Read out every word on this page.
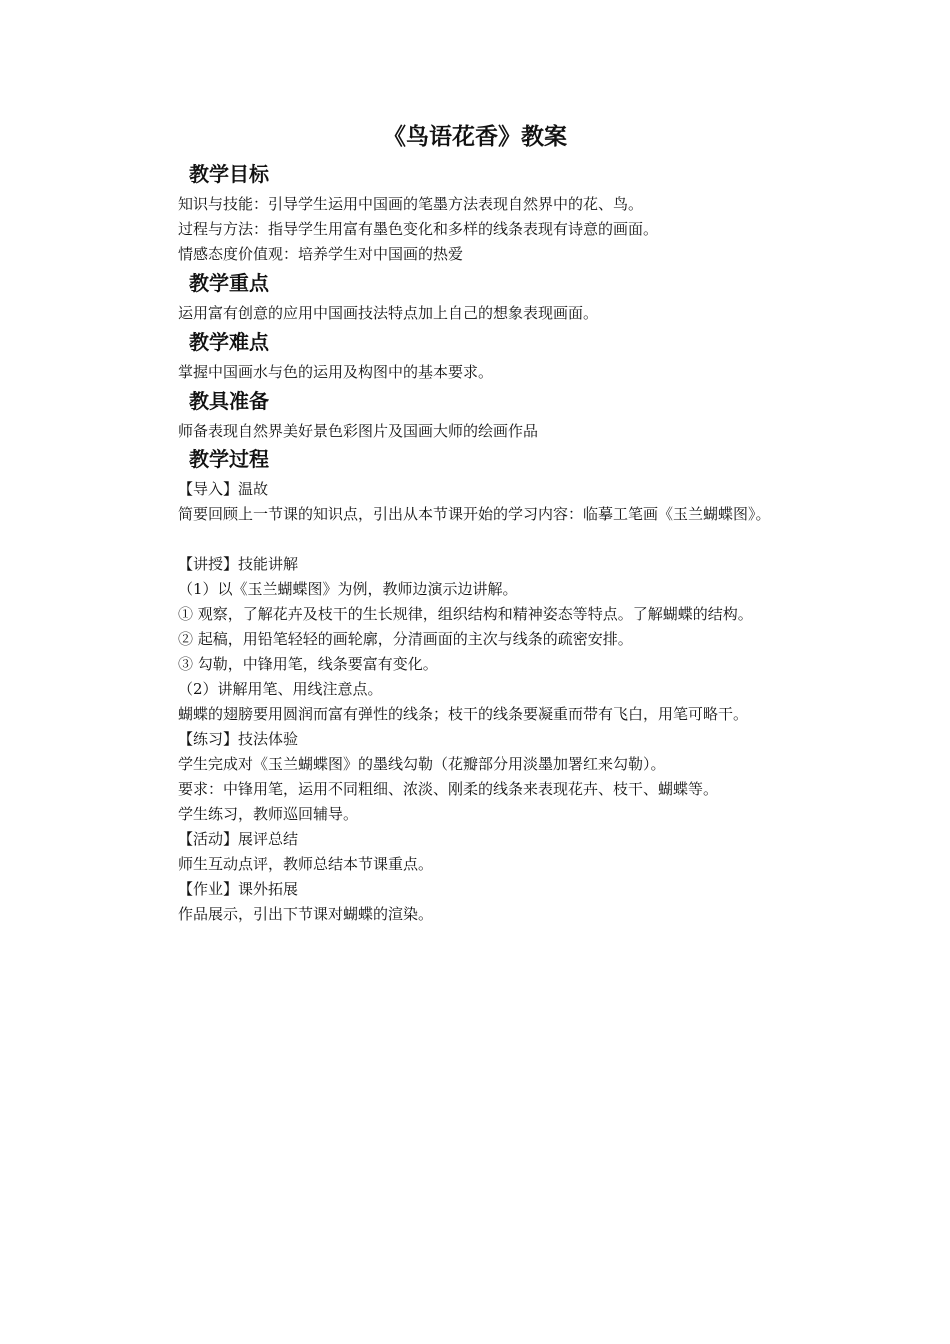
《鸟语花香》教案
教学目标

知识与技能：引导学生运用中国画的笔墨方法表现自然界中的花、鸟。

过程与方法：指导学生用富有墨色变化和多样的线条表现有诗意的画面。

情感态度价值观：培养学生对中国画的热爱

教学重点

运用富有创意的应用中国画技法特点加上自己的想象表现画面。

教学难点

掌握中国画水与色的运用及构图中的基本要求。

教具准备

师备表现自然界美好景色彩图片及国画大师的绘画作品

教学过程

【导入】温故

简要回顾上一节课的知识点，引出从本节课开始的学习内容：临摹工笔画《玉兰蝴蝶图》。

【讲授】技能讲解

（1）以《玉兰蝴蝶图》为例，教师边演示边讲解。

① 观察，了解花卉及枝干的生长规律，组织结构和精神姿态等特点。了解蝴蝶的结构。

② 起稿，用铅笔轻轻的画轮廓，分清画面的主次与线条的疏密安排。

③ 勾勒，中锋用笔，线条要富有变化。

（2）讲解用笔、用线注意点。

蝴蝶的翅膀要用圆润而富有弹性的线条；枝干的线条要凝重而带有飞白，用笔可略干。

【练习】技法体验

学生完成对《玉兰蝴蝶图》的墨线勾勒（花瓣部分用淡墨加署红来勾勒）。

要求：中锋用笔，运用不同粗细、浓淡、刚柔的线条来表现花卉、枝干、蝴蝶等。

学生练习，教师巡回辅导。

【活动】展评总结

师生互动点评，教师总结本节课重点。

【作业】课外拓展

作品展示，引出下节课对蝴蝶的渲染。
